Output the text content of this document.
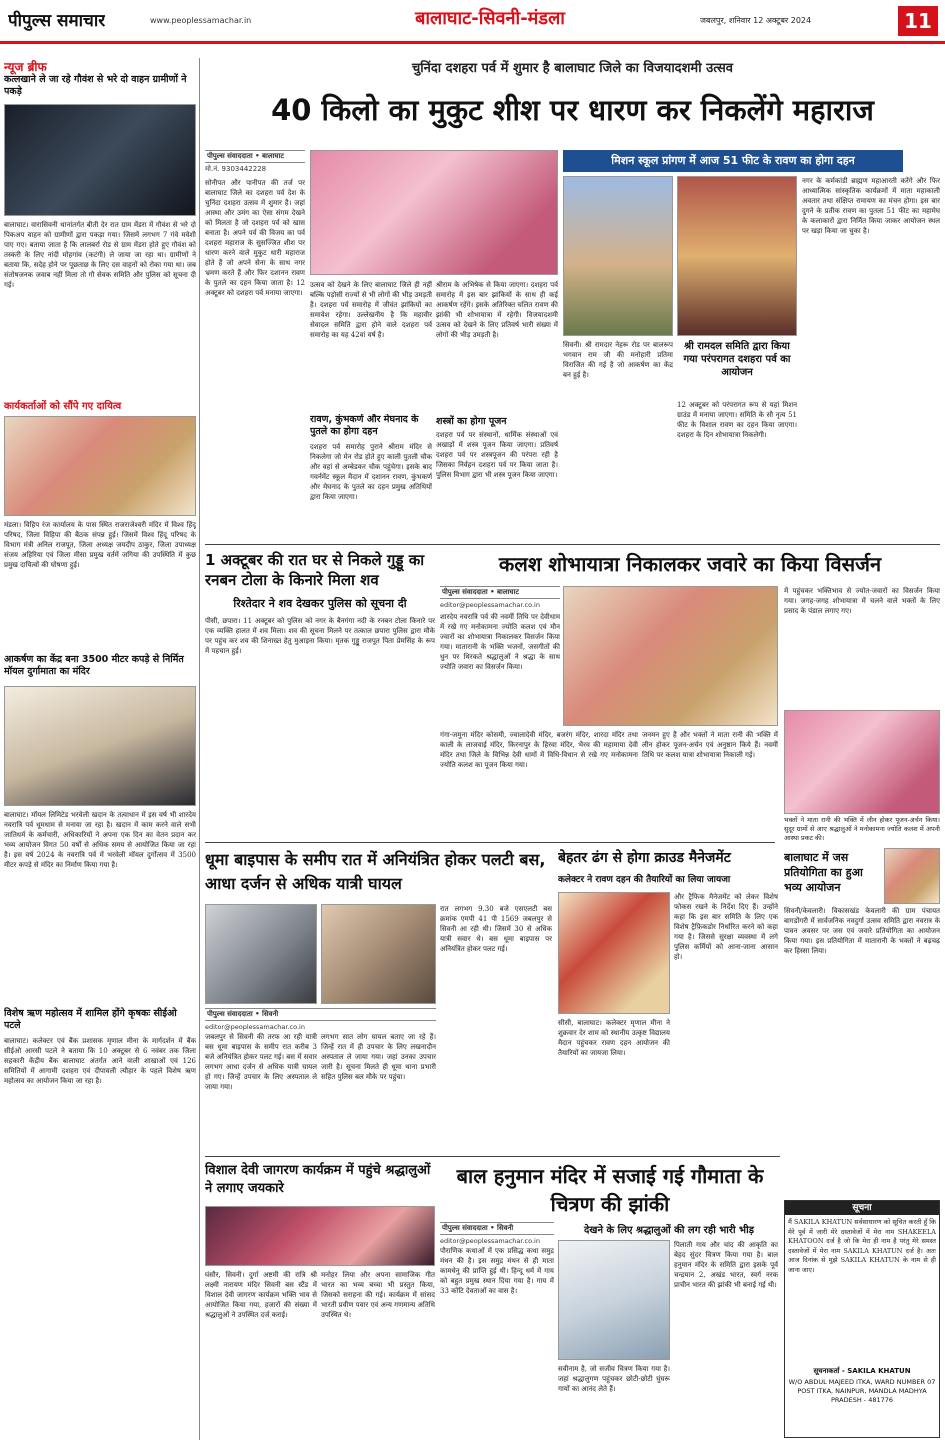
पीपुल्स समाचार	www.peoplessamachar.in	बालाघाट-सिवनी-मंडला	जबलपुर, शनिवार 12 अक्टूबर 2024	11
न्यूज ब्रीफ
कत्लखाने ले जा रहे गौवंश से भरे दो वाहन ग्रामीणों ने पकड़े
बालाघाट। वारासिवनी थानांतर्गत बीती देर रात ग्राम मेंडरा में गौवंश से भरे दो पिकअप वाहन को ग्रामीणों द्वारा पकड़ा गया। जिसमें लगभग 7 गंवे मवेशी पाए गए। बताया जाता है कि लालबर्रा रोड से ग्राम मेंडरा होते हुए गौवंश को तस्करी के लिए नांदी मोहगांव (कटंगी) ले जाया जा रहा था। ग्रामीणों ने बताया कि, सदेह होने पर पूछताछ के लिए दस वाहनों को रोका गया था। जब संतोषजनक जवाब नहीं मिला तो गौ सेवक समिति और पुलिस को सूचना दी गई।
कार्यकर्ताओं को सौंपे गए दायित्व
मंडला। विहिप रंज कार्यालय के पास स्थित राजराजेश्वरी मंदिर में विश्व हिंदू परिषद, जिला विहिपा की बैठक संपन्न हुई। जिसमें विश्व हिंदू परिषद के विभाग मंत्री अनिल राजपूत, जिला अध्यक्ष जयदीप ठाकुर, जिला उपाध्यक्ष संजय अहिरिया एवं जिला मीसा प्रमुख वर्तमें जगिया की उपस्थिति में कुछ प्रमुख दायित्वों की घोषणा हुई।
आकर्षण का केंद्र बना 3500 मीटर कपड़े से निर्मित मॉयल दुर्गामाता का मंदिर
बालाघाट। मॉयल लिमिटेड भरवेली खदान के तत्वाधान में इस वर्ष भी शारदेय नवरात्रि पर्व धूमधाम से मनाया जा रहा है। खदान में काम करने वाले सभी जातिधर्म के कर्मचारी, अधिकारियों ने अपना एक दिन का वेतन प्रदान कर भव्य आयोजन विगत 50 वर्षों से अधिक समय से आयोजित किया जा रहा है। इस वर्ष 2024 के नवरात्रि पर्व में भरवेली मॉयल दुर्गोत्सव में 3500 मीटर कपड़े से मंदिर का निर्माण किया गया है।
विशेष ऋण महोत्सव में शामिल होंगे कृषकः सीईओ पटले
बालाघाट। कलेक्टर एवं बैंक प्रशासक मृणाल मीना के मार्गदर्शन में बैंक सीईओ आरसी पटले ने बताया कि 10 अक्टूबर से 6 नवंबर तक जिला सहकारी केंद्रीय बैंक बालाघाट अंतर्गत आने वाली शाखाओं एवं 126 समितियों में आगामी दशहरा एवं दीपावली त्यौहार के पहले विशेष ऋण महोत्सव का आयोजन किया जा रहा है।
चुनिंदा दशहरा पर्व में शुमार है बालाघाट जिले का विजयादशमी उत्सव
40 किलो का मुकुट शीश पर धारण कर निकलेंगे महाराज
पीपुल्स संवाददाता • बालाघाट
मो.नं. 9303442228
सोनीपत और पानीपत की तर्ज पर बालाघाट जिले का दशहरा पर्व देश के चुनिंदा दशहरा उत्सव में शुमार है। जहां आस्था और उमंग का ऐसा संगम देखने को मिलता है जो दशहरा पर्व को खास बनाता है। अपने पर्व की विजय का पर्व दशहरा महाराज के सुसज्जित शीश पर धारण करने वाले मुकुट धारी महाराज होते हैं जो अपने सेना के साथ नगर भ्रमण करते हैं और फिर दशानन रावण के पुतले का दहन किया जाता है। 12 अक्टूबर को दशहरा पर्व मनाया जाएगा।
उत्सव को देखने के लिए बालाघाट जिले ही नहीं बल्कि पड़ोसी राज्यों से भी लोगों की भीड़ उमड़ती है। दशहरा पर्व समारोह में जीवंत झांकियों का समावेश रहेगा। उल्लेखनीय है कि महावीर सेवादल समिति द्वारा होने वाले दशहरा पर्व समारोह का यह 42वां वर्ष है।
श्रीराम के अभिषेक से किया जाएगा। दशहरा पर्व समारोह में इस बार झांकियों के साथ ही कई आकर्षण रहेंगे। इसके अतिरिक्त चलित रावण की झांकी भी शोभायात्रा में रहेगी। विजयादशमी उत्सव को देखने के लिए प्रतिवर्ष भारी संख्या में लोगों की भीड़ उमड़ती है।
रावण, कुंभकर्ण और मेघनाद के पुतले का होगा दहन
दशहरा पर्व समारोह पुराने श्रीराम मंदिर से निकलेगा जो मेन रोड होते हुए काली पुतली चौक और वहां से अम्बेडकर चौक पहुंचेगा। इसके बाद गवर्नमेंट स्कूल मैदान में दशानन रावण, कुंभकर्ण और मेघनाद के पुतले का दहन प्रमुख अतिथियों द्वारा किया जाएगा।
शस्त्रों का होगा पूजन
दशहरा पर्व पर संस्थानों, धार्मिक संस्थाओं एवं अखाड़ों में शस्त्र पूजन किया जाएगा। प्रतिवर्ष दशहरा पर्व पर शस्त्रपूजन की परंपरा रही है जिसका निर्वहन दशहरा पर्व पर किया जाता है। पुलिस विभाग द्वारा भी शस्त्र पूजन किया जाएगा।
मिशन स्कूल प्रांगण में आज 51 फीट के रावण का होगा दहन
सिवनी। श्री रामदार नेहरू रोड पर बालरूप भगवान राम जी की मनोहारी प्रतिमा विराजित की गई है जो आकर्षण का केंद्र बन हुई है।
श्री रामदल समिति द्वारा किया गया परंपरागत दशहरा पर्व का आयोजन
12 अक्टूबर को परंपरागत रूप से यहां मिशन ग्राउंड में मनाया जाएगा। समिति के सौ नृत्य 51 फीट के विशाल रावण का दहन किया जाएगा। दशहरा के दिन शोभायात्रा निकलेगी।
नगर के कर्मकांडी ब्राह्मण महाआरती करेंगे और फिर आध्यात्मिक सांस्कृतिक कार्यक्रमों में माता महाकाली अवतार तथा संक्षिप्त रामायण का मंचन होगा। इस बार दुगने के प्रतीक रावण का पुतला 51 फीट का महामेघ के कलाकारों द्वारा निर्मित किया जाकर आयोजन स्थल पर खड़ा किया जा चुका है।
1 अक्टूबर की रात घर से निकले गुड्डू का रनबन टोला के किनारे मिला शव
रिश्तेदार ने शव देखकर पुलिस को सूचना दी
पीसी, छपारा। 11 अक्टूबर को पुलिस को नगर के बैनगंगा नदी के रनबन टोला किनारे पर एक व्यक्ति हालत में शव मिला। शव की सूचना मिलने पर तत्काल छपारा पुलिस द्वारा मौके पर पहुंच कर शव की शिनाख्त हेतु मुआइना किया। मृतक गुड्डू राजपूत पिता प्रेमसिंह के रूप में पहचान हुई।
कलश शोभायात्रा निकालकर जवारे का किया विसर्जन
पीपुल्स संवाददाता • बालाघाट
editor@peoplessamachar.co.in
शारदेय नवरात्रि पर्व की नवमीं तिथि पर देवीधाम में रखे गए मनोकामना ज्योति कलश एवं मौन ज्वारों का शोभायात्रा निकालकर विसर्जन किया गया। मातारानी के भक्ति भजनों, जसगीतों की धुन पर थिरकते श्रद्धालुओं ने श्रद्धा के साथ ज्योति जवारा का विसर्जन किया।
गंगा-जमुना मंदिर कोसमी, ज्वालादेवी मंदिर, बजरंग मंदिर, शारदा मंदिर तथा काली के लाजवाई मंदिर, किरनापुर के हिरवा मंदिर, भैरव की महामाया देवी मंदिर तथा जिले के विभिन्न देवी धामों में विधि-विधान से रखे गए मनोकामना ज्योति कलश का पूजन किया गया।
जनमन हुए हैं और भक्तों ने माता रानी की भक्ति में लीन होकर पूजन-अर्चन एवं अनुष्ठान किये हैं। नवमीं तिथि पर कलश यात्रा शोभायात्रा निकाली गई।
में पहुंचकर भक्तिभाव से ज्योत-जवारों का विसर्जन किया गया। जगह-जगह शोभायात्रा में चलने वाले भक्तों के लिए प्रसाद के पंडाल लगाए गए।
धूमा बाइपास के समीप रात में अनियंत्रित होकर पलटी बस, आधा दर्जन से अधिक यात्री घायल
पीपुल्स संवाददाता • सिवनी
editor@peoplessamachar.co.in
जबलपुर से सिवनी की तरफ आ रही यात्री बस धूमा बाइपास के समीप रात करीब 3 बजे अनियंत्रित होकर पलट गई। बस में सवार लगभग आधा दर्जन से अधिक यात्री घायल हो गए। जिन्हें उपचार के लिए अस्पताल ले जाया गया।
लगभग सात लोग घायल बताए जा रहे हैं। जिन्हें रात में ही उपचार के लिए लखनादौन अस्पताल ले जाया गया। जहां उनका उपचार जारी है। सूचना मिलते ही धूमा थाना प्रभारी सहित पुलिस बल मौके पर पहुंचा।
रात लगभग 9.30 बजे एसएलटी बस क्रमांक एमपी 41 पी 1569 जबलपुर से सिवनी आ रही थी। जिसमें 30 से अधिक यात्री सवार थे। बस धूमा बाइपास पर अनियंत्रित होकर पलट गई।
बेहतर ढंग से होगा क्राउड मैनेजमेंट
कलेक्टर ने रावण दहन की तैयारियों का लिया जायजा
सीसी, बालाघाट। कलेक्टर मृणाल मीना ने शुक्रवार देर शाम को स्थानीय उत्कृष्ट विद्यालय मैदान पहुंचकर रावण दहन आयोजन की तैयारियों का जायजा लिया।
और ट्रैफिक मैनेजमेंट को लेकर विशेष फोकस रखने के निर्देश दिए हैं। उन्होंने कहा कि इस बार समिति के लिए एक विशेष ट्रैफ़िकडोर निर्धारित करने को कहा गया है। जिससे सुरक्षा व्यवस्था में लगे पुलिस कर्मियों को आना-जाना आसान हो।
भक्तों ने माता रानी की भक्ति में लीन होकर पूजन-अर्चन किया। सुदूर ग्रामों से आए श्रद्धालुओं ने मनोकामना ज्योति कलश में अपनी आस्था प्रकट की।
बालाघाट में जस प्रतियोगिता का हुआ भव्य आयोजन
सिवनी/केवलारी। विकासखंड केवलारी की ग्राम पंचायत बागडोंगरी में सार्वजनिक नवदुर्गा उत्सव समिति द्वारा नवरात्र के पावन अवसर पर जस एवं जवारे प्रतियोगिता का आयोजन किया गया। इस प्रतियोगिता में मातारानी के भक्तों ने बढ़चढ़ कर हिस्सा लिया।
सूचना
मैं SAKILA KHATUN सर्वसाधारण को सूचित करती हूँ कि मेरे पूर्व में जारी मेरे दस्तावेजों में मेरा नाम SHAKEELA KHATOON दर्ज है जो कि मेरा ही नाम है परंतु मेरे समस्त दस्तावेजों में मेरा नाम SAKILA KHATUN दर्ज है। अतः आज दिनांक से मुझे SAKILA KHATUN के नाम से ही जाना जाए।
सूचनाकर्ता - SAKILA KHATUN
W/O ABDUL MAJEED ITKA, WARD NUMBER 07 POST ITKA, NAINPUR, MANDLA MADHYA PRADESH - 481776
विशाल देवी जागरण कार्यक्रम में पहुंचे श्रद्धालुओं ने लगाए जयकारे
घंसौर, सिवनी। दुर्गा अष्टमी की रात्रि श्री लक्ष्मी नारायण मंदिर सिवनी बस स्टैंड में विशाल देवी जागरण कार्यक्रम भक्ति भाव से आयोजित किया गया, हजारों की संख्या में श्रद्धालुओं ने उपस्थित दर्ज कराई।
मनोहर लिया और अपना सामाजिक गीत भारत का भव्य बच्चा भी प्रस्तुत किया, जिसको सराहना की गई। कार्यक्रम में सांसद भारती प्रवीण पवार एवं अन्य गणमान्य अतिथि उपस्थित थे।
बाल हनुमान मंदिर में सजाई गई गौमाता के चित्रण की झांकी
देखने के लिए श्रद्धालुओं की लग रही भारी भीड़
पीपुल्स संवाददाता • सिवनी
editor@peoplessamachar.co.in
पौराणिक कथाओं में एक प्रसिद्ध कथा समुद्र मंथन की है। इस समुद्र मंथन से ही माता कामधेनु की प्राप्ति हुई थी। हिन्दू धर्म में गाय को बहुत प्रमुख स्थान दिया गया है। गाय में 33 कोटि देवताओं का वास है।
सवीनाम है, जो सजीव चित्रण किया गया है। जहां श्रद्धालुगण पहुंचकर छोटी-छोटी घुंघरू गायों का आनंद लेते हैं।
पिलाती गाय और चांद की आकृति का बेहद सुंदर चित्रण किया गया है। बाल हनुमान मंदिर के समिति द्वारा इसके पूर्व चन्द्रयान 2, अखंड भारत, स्वर्ग नरक प्राचीन भारत की झांकी भी बनाई गई थी।
